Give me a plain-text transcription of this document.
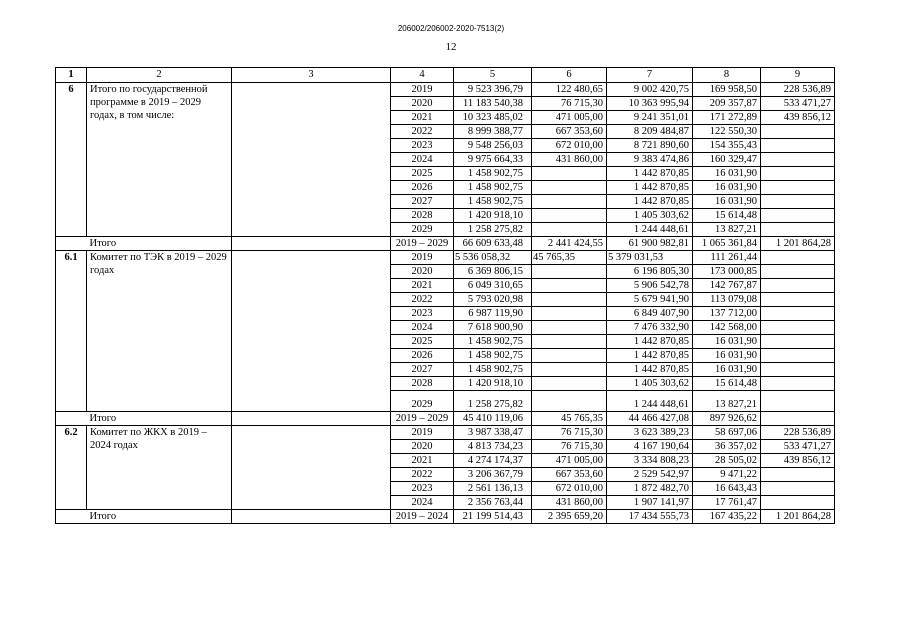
206002/206002-2020-7513(2)
12
1	2	3	4	5	6	7	8	9
6	Итого по государственной программе в 2019 – 2029 годах, в том числе:		2019	9 523 396,79	122 480,65	9 002 420,75	169 958,50	228 536,89
			2020	11 183 540,38	76 715,30	10 363 995,94	209 357,87	533 471,27
			2021	10 323 485,02	471 005,00	9 241 351,01	171 272,89	439 856,12
			2022	8 999 388,77	667 353,60	8 209 484,87	122 550,30	
			2023	9 548 256,03	672 010,00	8 721 890,60	154 355,43	
			2024	9 975 664,33	431 860,00	9 383 474,86	160 329,47	
			2025	1 458 902,75		1 442 870,85	16 031,90	
			2026	1 458 902,75		1 442 870,85	16 031,90	
			2027	1 458 902,75		1 442 870,85	16 031,90	
			2028	1 420 918,10		1 405 303,62	15 614,48	
			2029	1 258 275,82		1 244 448,61	13 827,21	
	Итого		2019 – 2029	66 609 633,48	2 441 424,55	61 900 982,81	1 065 361,84	1 201 864,28
6.1	Комитет по ТЭК в 2019 – 2029 годах		2019	5 536 058,32	45 765,35	5 379 031,53	111 261,44	
			2020	6 369 806,15		6 196 805,30	173 000,85	
			2021	6 049 310,65		5 906 542,78	142 767,87	
			2022	5 793 020,98		5 679 941,90	113 079,08	
			2023	6 987 119,90		6 849 407,90	137 712,00	
			2024	7 618 900,90		7 476 332,90	142 568,00	
			2025	1 458 902,75		1 442 870,85	16 031,90	
			2026	1 458 902,75		1 442 870,85	16 031,90	
			2027	1 458 902,75		1 442 870,85	16 031,90	
			2028	1 420 918,10		1 405 303,62	15 614,48	
			2029	1 258 275,82		1 244 448,61	13 827,21	
	Итого		2019 – 2029	45 410 119,06	45 765,35	44 466 427,08	897 926,62	
6.2	Комитет по ЖКХ в 2019 – 2024 годах		2019	3 987 338,47	76 715,30	3 623 389,23	58 697,06	228 536,89
			2020	4 813 734,23	76 715,30	4 167 190,64	36 357,02	533 471,27
			2021	4 274 174,37	471 005,00	3 334 808,23	28 505,02	439 856,12
			2022	3 206 367,79	667 353,60	2 529 542,97	9 471,22	
			2023	2 561 136,13	672 010,00	1 872 482,70	16 643,43	
			2024	2 356 763,44	431 860,00	1 907 141,97	17 761,47	
	Итого		2019 – 2024	21 199 514,43	2 395 659,20	17 434 555,73	167 435,22	1 201 864,28
